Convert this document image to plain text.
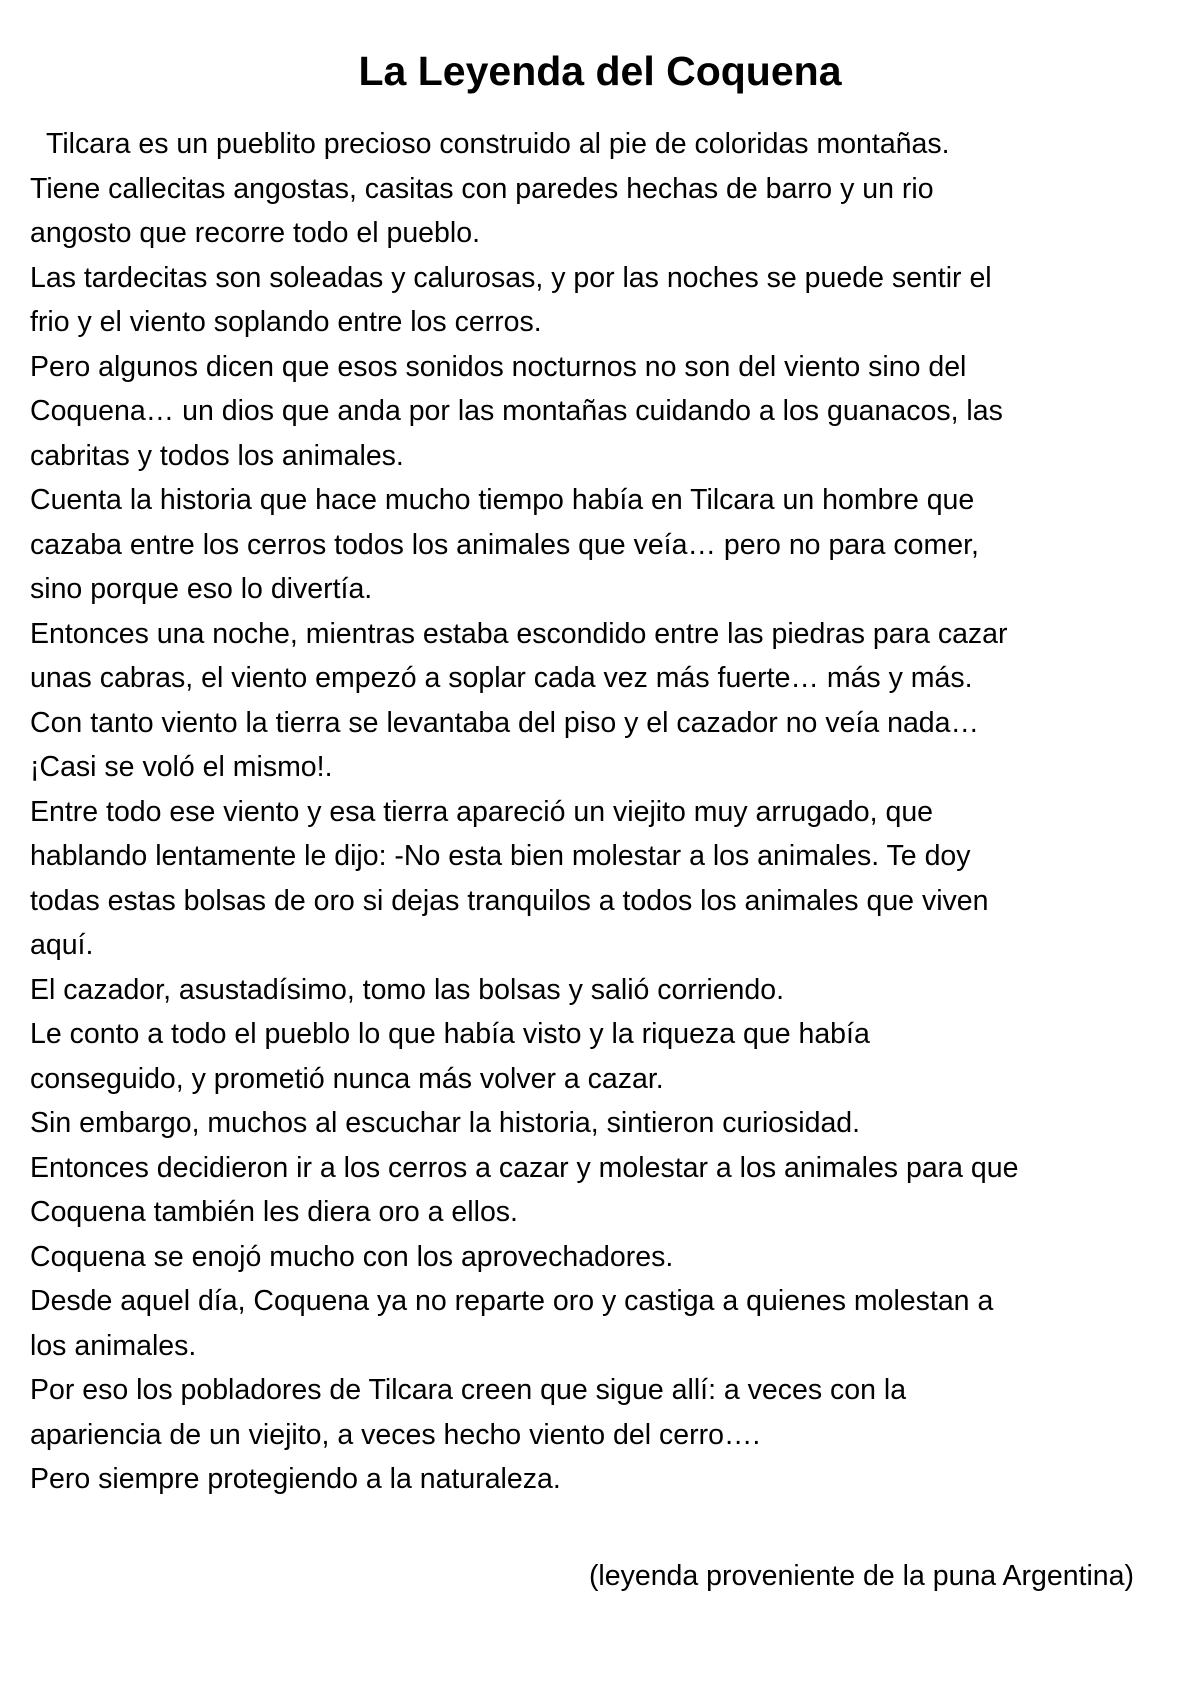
La Leyenda del Coquena
Tilcara es un pueblito precioso construido al pie de coloridas montañas.
Tiene callecitas angostas, casitas con paredes hechas de barro y un rio
angosto que recorre todo el pueblo.
Las tardecitas son soleadas y calurosas, y por las noches se puede sentir el
frio y el viento soplando entre los cerros.
Pero algunos dicen que esos sonidos nocturnos no son del viento sino del
Coquena… un dios que anda por las montañas cuidando a los guanacos, las
cabritas y todos los animales.
Cuenta la historia que hace mucho tiempo había en Tilcara un hombre que
cazaba entre los cerros todos los animales que veía… pero no para comer,
sino porque eso lo divertía.
Entonces una noche, mientras estaba escondido entre las piedras para cazar
unas cabras, el viento empezó a soplar cada vez más fuerte… más y más.
Con tanto viento la tierra se levantaba del piso y el cazador no veía nada…
¡Casi se voló el mismo!.
Entre todo ese viento y esa tierra apareció un viejito muy arrugado, que
hablando lentamente le dijo: -No esta bien molestar a los animales. Te doy
todas estas bolsas de oro si dejas tranquilos a todos los animales que viven
aquí.
El cazador, asustadísimo, tomo las bolsas y salió corriendo.
Le conto a todo el pueblo lo que había visto y la riqueza que había
conseguido, y prometió nunca más volver a cazar.
Sin embargo, muchos al escuchar la historia, sintieron curiosidad.
Entonces decidieron ir a los cerros a cazar y molestar a los animales para que
Coquena también les diera oro a ellos.
Coquena se enojó mucho con los aprovechadores.
Desde aquel día, Coquena ya no reparte oro y castiga a quienes molestan a
los animales.
Por eso los pobladores de Tilcara creen que sigue allí: a veces con la
apariencia de un viejito, a veces hecho viento del cerro….
Pero siempre protegiendo a la naturaleza.

(leyenda proveniente de la puna Argentina)
